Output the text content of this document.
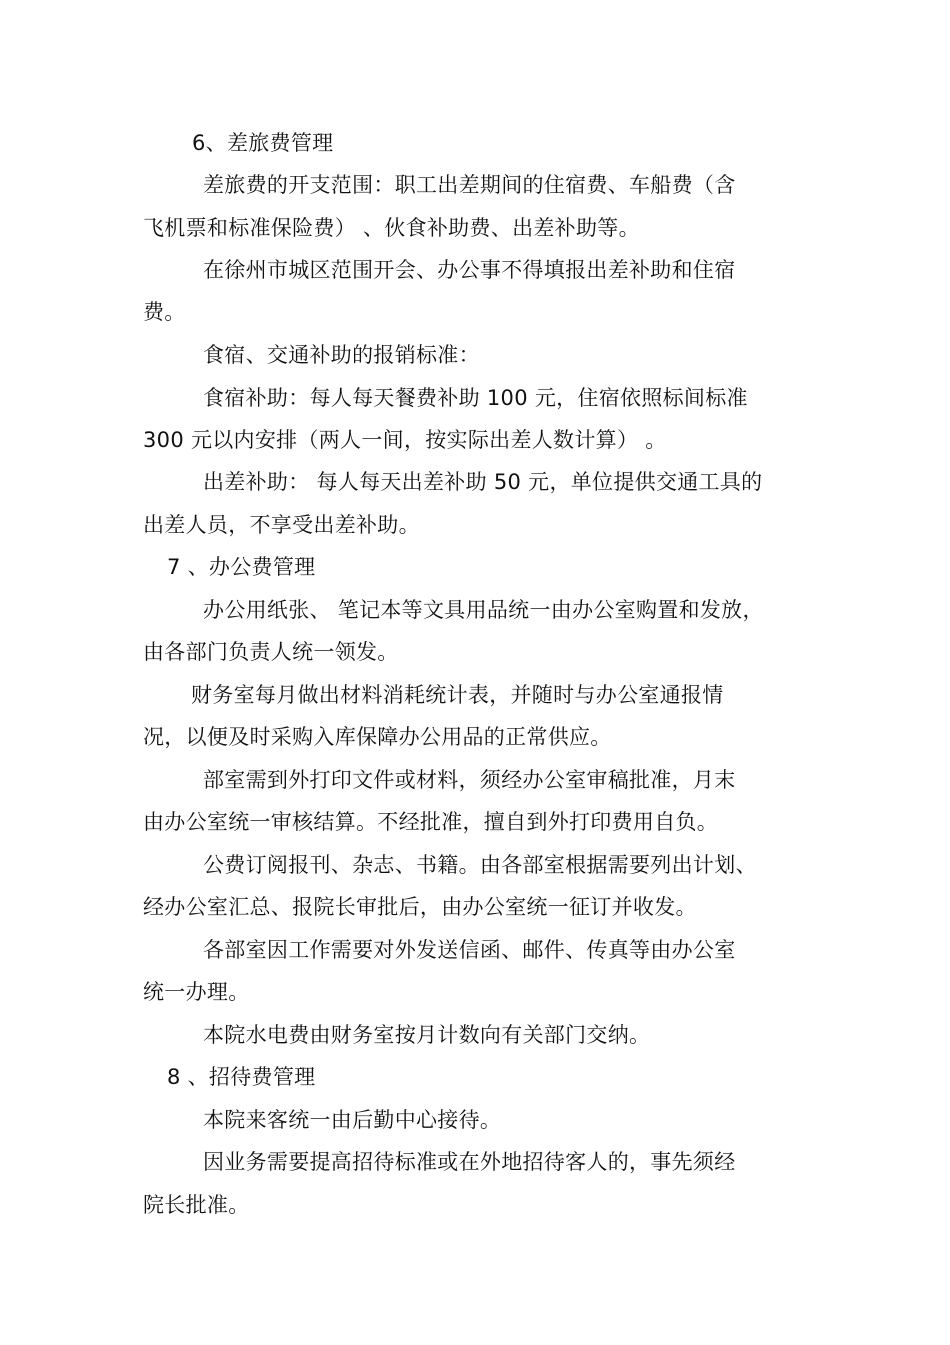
6、差旅费管理
差旅费的开支范围：职工出差期间的住宿费、车船费（含
飞机票和标准保险费） 、伙食补助费、出差补助等。
在徐州市城区范围开会、办公事不得填报出差补助和住宿
费。
食宿、交通补助的报销标准：
食宿补助：每人每天餐费补助 100 元，住宿依照标间标准
300 元以内安排（两人一间，按实际出差人数计算） 。
出差补助： 每人每天出差补助 50 元，单位提供交通工具的
出差人员，不享受出差补助。
7 、办公费管理
办公用纸张、 笔记本等文具用品统一由办公室购置和发放，
由各部门负责人统一领发。
财务室每月做出材料消耗统计表，并随时与办公室通报情
况，以便及时采购入库保障办公用品的正常供应。
部室需到外打印文件或材料，须经办公室审稿批准，月末
由办公室统一审核结算。不经批准，擅自到外打印费用自负。
公费订阅报刊、杂志、书籍。由各部室根据需要列出计划、
经办公室汇总、报院长审批后，由办公室统一征订并收发。
各部室因工作需要对外发送信函、邮件、传真等由办公室
统一办理。
本院水电费由财务室按月计数向有关部门交纳。
8 、招待费管理
本院来客统一由后勤中心接待。
因业务需要提高招待标准或在外地招待客人的，事先须经
院长批准。
